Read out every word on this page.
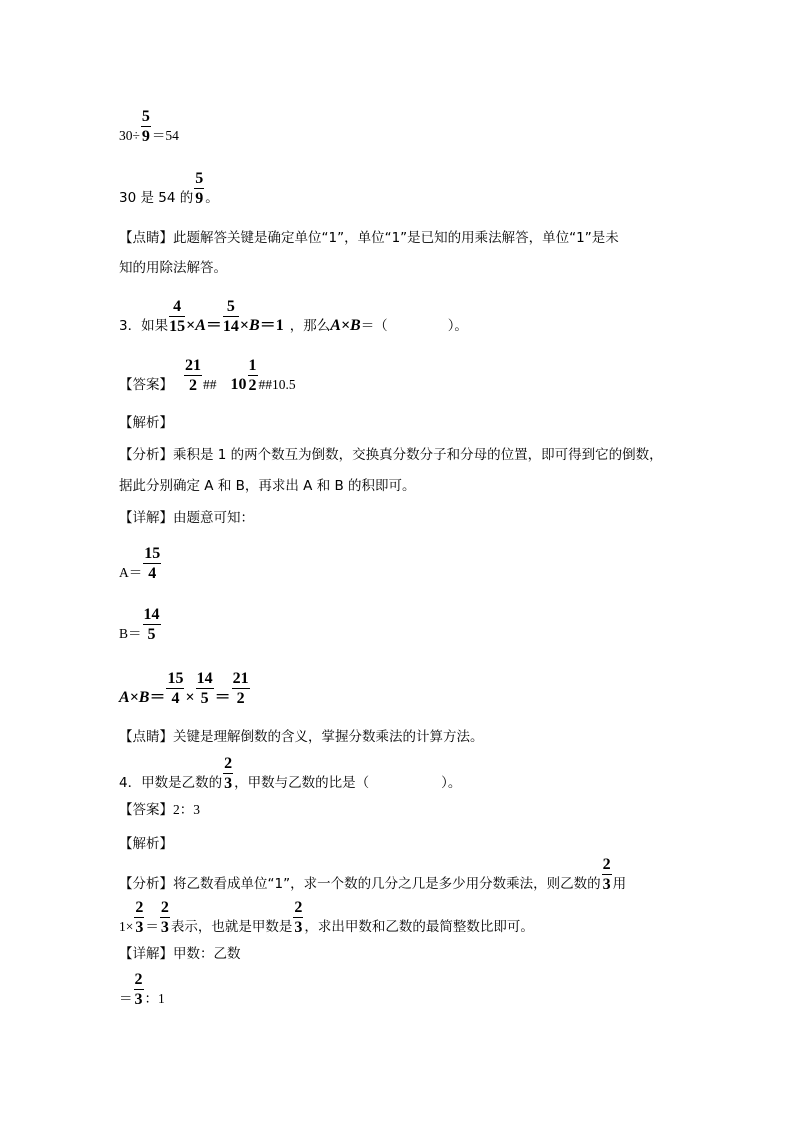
$30\div \frac{5}{9} =54$
30 是 54 的 $\frac{5}{9}$ 。
【点睛】此题解答关键是确定单位“1”，单位“1”是已知的用乘法解答，单位“1”是未
知的用除法解答。
3．如果 $\frac{4}{15} \times A= \frac{5}{14} \times B=1$ ，那么A×B＝（	）。
【答案】 $\frac{21}{2}$ ## $10 \frac{1}{2}$ ##10.5
【解析】
【分析】乘积是 1 的两个数互为倒数，交换真分数分子和分母的位置，即可得到它的倒数，
据此分别确定 A 和 B，再求出 A 和 B 的积即可。
【详解】由题意可知：
$A= \frac{15}{4}$
$B= \frac{14}{5}$
$A\times B= \frac{15}{4} \times \frac{14}{5} = \frac{21}{2}$
【点睛】关键是理解倒数的含义，掌握分数乘法的计算方法。
4．甲数是乙数的 $\frac{2}{3}$ ，甲数与乙数的比是（	）。
【答案】2：3
【解析】
【分析】将乙数看成单位“1”，求一个数的几分之几是多少用分数乘法，则乙数的 $\frac{2}{3}$ 用
$1\times \frac{2}{3} = \frac{2}{3}$ 表示，也就是甲数是 $\frac{2}{3}$ ，求出甲数和乙数的最简整数比即可。
【详解】甲数：乙数
＝ $\frac{2}{3}$ ：1
